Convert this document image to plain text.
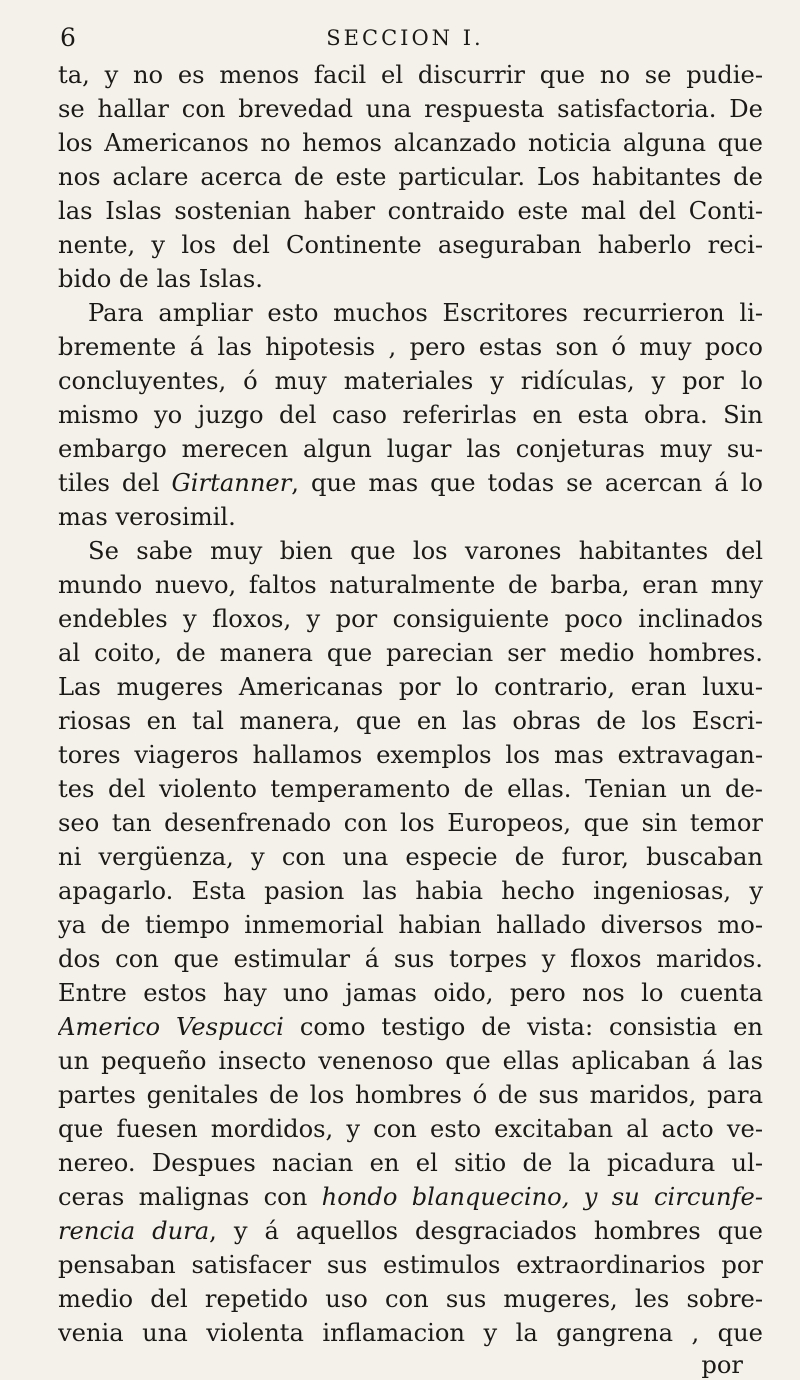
6	SECCION I.
ta, y no es menos facil el discurrir que no se pudie-
se hallar con brevedad una respuesta satisfactoria. De
los Americanos no hemos alcanzado noticia alguna que
nos aclare acerca de este particular. Los habitantes de
las Islas sostenian haber contraido este mal del Conti-
nente, y los del Continente aseguraban haberlo reci-
bido de las Islas.
Para ampliar esto muchos Escritores recurrieron li-
bremente á las hipotesis , pero estas son ó muy poco
concluyentes, ó muy materiales y ridículas, y por lo
mismo yo juzgo del caso referirlas en esta obra. Sin
embargo merecen algun lugar las conjeturas muy su-
tiles del Girtanner, que mas que todas se acercan á lo
mas verosimil.
Se sabe muy bien que los varones habitantes del
mundo nuevo, faltos naturalmente de barba, eran mny
endebles y floxos, y por consiguiente poco inclinados
al coito, de manera que parecian ser medio hombres.
Las mugeres Americanas por lo contrario, eran luxu-
riosas en tal manera, que en las obras de los Escri-
tores viageros hallamos exemplos los mas extravagan-
tes del violento temperamento de ellas. Tenian un de-
seo tan desenfrenado con los Europeos, que sin temor
ni vergüenza, y con una especie de furor, buscaban
apagarlo. Esta pasion las habia hecho ingeniosas, y
ya de tiempo inmemorial habian hallado diversos mo-
dos con que estimular á sus torpes y floxos maridos.
Entre estos hay uno jamas oido, pero nos lo cuenta
Americo Vespucci como testigo de vista: consistia en
un pequeño insecto venenoso que ellas aplicaban á las
partes genitales de los hombres ó de sus maridos, para
que fuesen mordidos, y con esto excitaban al acto ve-
nereo. Despues nacian en el sitio de la picadura ul-
ceras malignas con hondo blanquecino, y su circunfe-
rencia dura, y á aquellos desgraciados hombres que
pensaban satisfacer sus estimulos extraordinarios por
medio del repetido uso con sus mugeres, les sobre-
venia una violenta inflamacion y la gangrena , que
por
